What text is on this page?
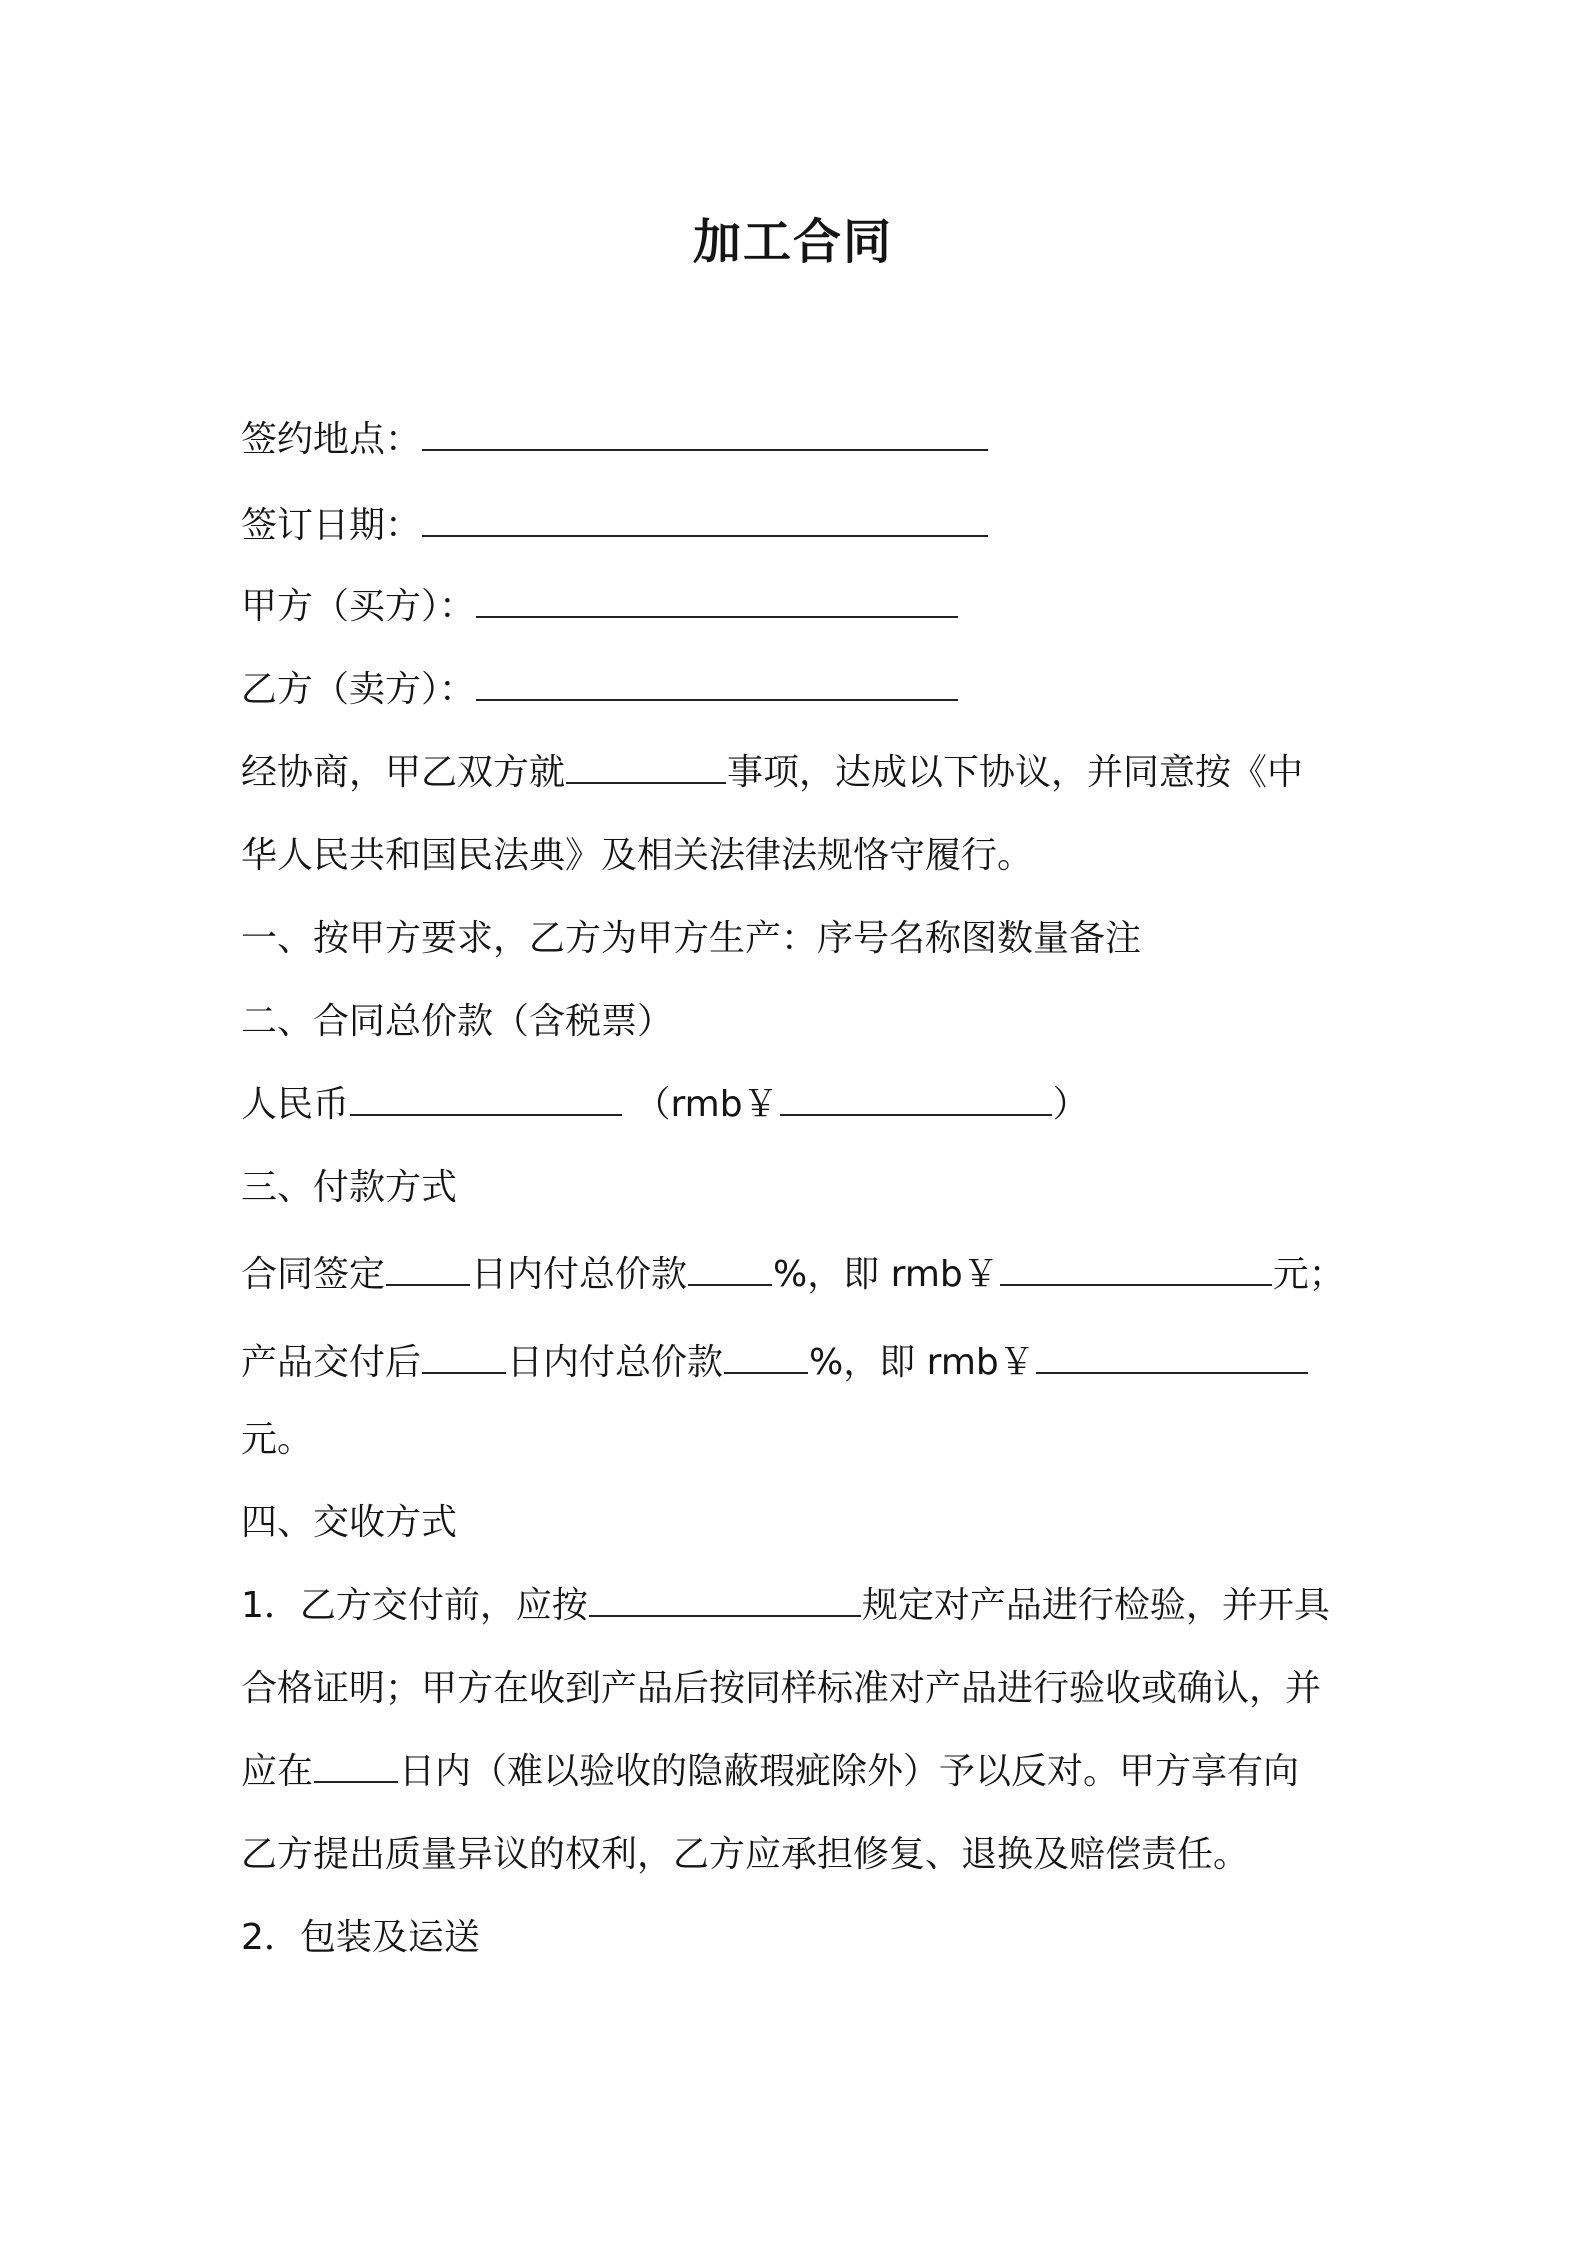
加工合同
签约地点：
签订日期：
甲方（买方）：
乙方（卖方）：
经协商，甲乙双方就	事项，达成以下协议，并同意按《中
华人民共和国民法典》及相关法律法规恪守履行。
一、按甲方要求，乙方为甲方生产：序号名称图数量备注
二、合同总价款（含税票）
人民币	（rmb￥	）
三、付款方式
合同签定 日内付总价款 %，即 rmb￥	元；
产品交付后 日内付总价款 %，即 rmb￥
元。
四、交收方式
1．乙方交付前，应按	规定对产品进行检验，并开具
合格证明；甲方在收到产品后按同样标准对产品进行验收或确认，并
应在 日内（难以验收的隐蔽瑕疵除外）予以反对。甲方享有向
乙方提出质量异议的权利，乙方应承担修复、退换及赔偿责任。
2．包装及运送
